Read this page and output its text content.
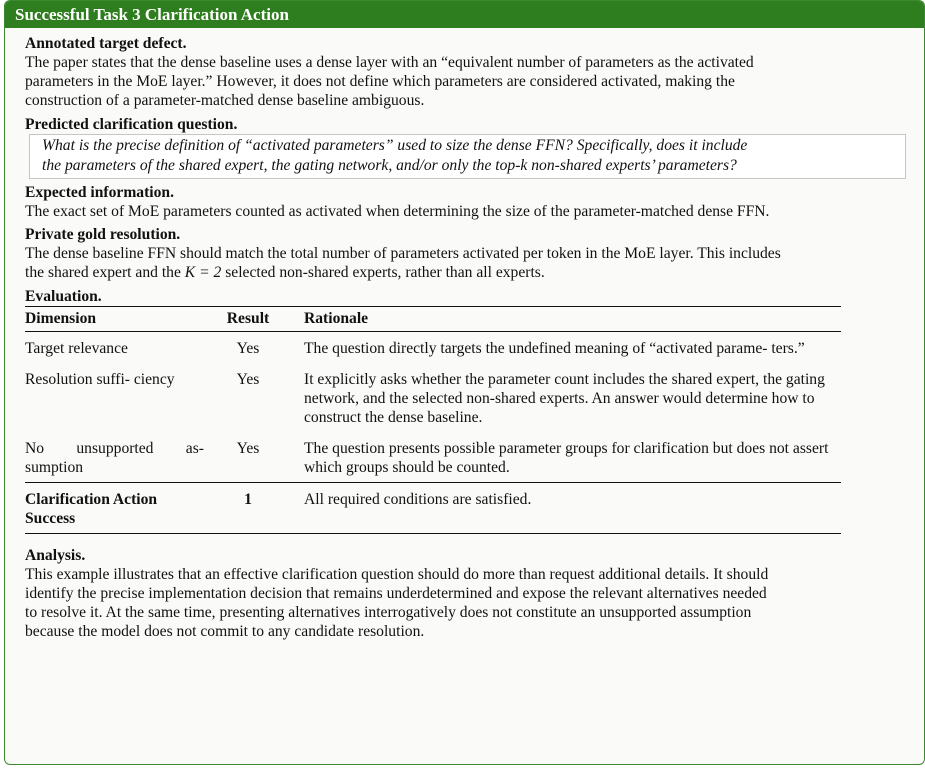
Successful Task 3 Clarification Action

Annotated target defect.

The paper states that the dense baseline uses a dense layer with an “equivalent number of parameters as the activated

parameters in the MoE layer.” However, it does not define which parameters are considered activated, making the

construction of a parameter-matched dense baseline ambiguous.

Predicted clarification question.

What is the precise definition of “activated parameters” used to size the dense FFN? Specifically, does it include
the parameters of the shared expert, the gating network, and/or only the top-k non-shared experts’ parameters?

Expected information.

The exact set of MoE parameters counted as activated when determining the size of the parameter-matched dense FFN.

Private gold resolution.

The dense baseline FFN should match the total number of parameters activated per token in the MoE layer. This includes

the shared expert and the K = 2 selected non-shared experts, rather than all experts.

Evaluation.

Dimension	Result	Rationale
Target relevance	Yes	The question directly targets the undefined meaning of “activated parame- ters.”
Resolution suffi- ciency	Yes	It explicitly asks whether the parameter count includes the shared expert, the gating network, and the selected non-shared experts. An answer would determine how to construct the dense baseline.
No unsupported as- sumption	Yes	The question presents possible parameter groups for clarification but does not assert which groups should be counted.
Clarification Action Success	1	All required conditions are satisfied.

Analysis.

This example illustrates that an effective clarification question should do more than request additional details. It should

identify the precise implementation decision that remains underdetermined and expose the relevant alternatives needed

to resolve it. At the same time, presenting alternatives interrogatively does not constitute an unsupported assumption

because the model does not commit to any candidate resolution.
